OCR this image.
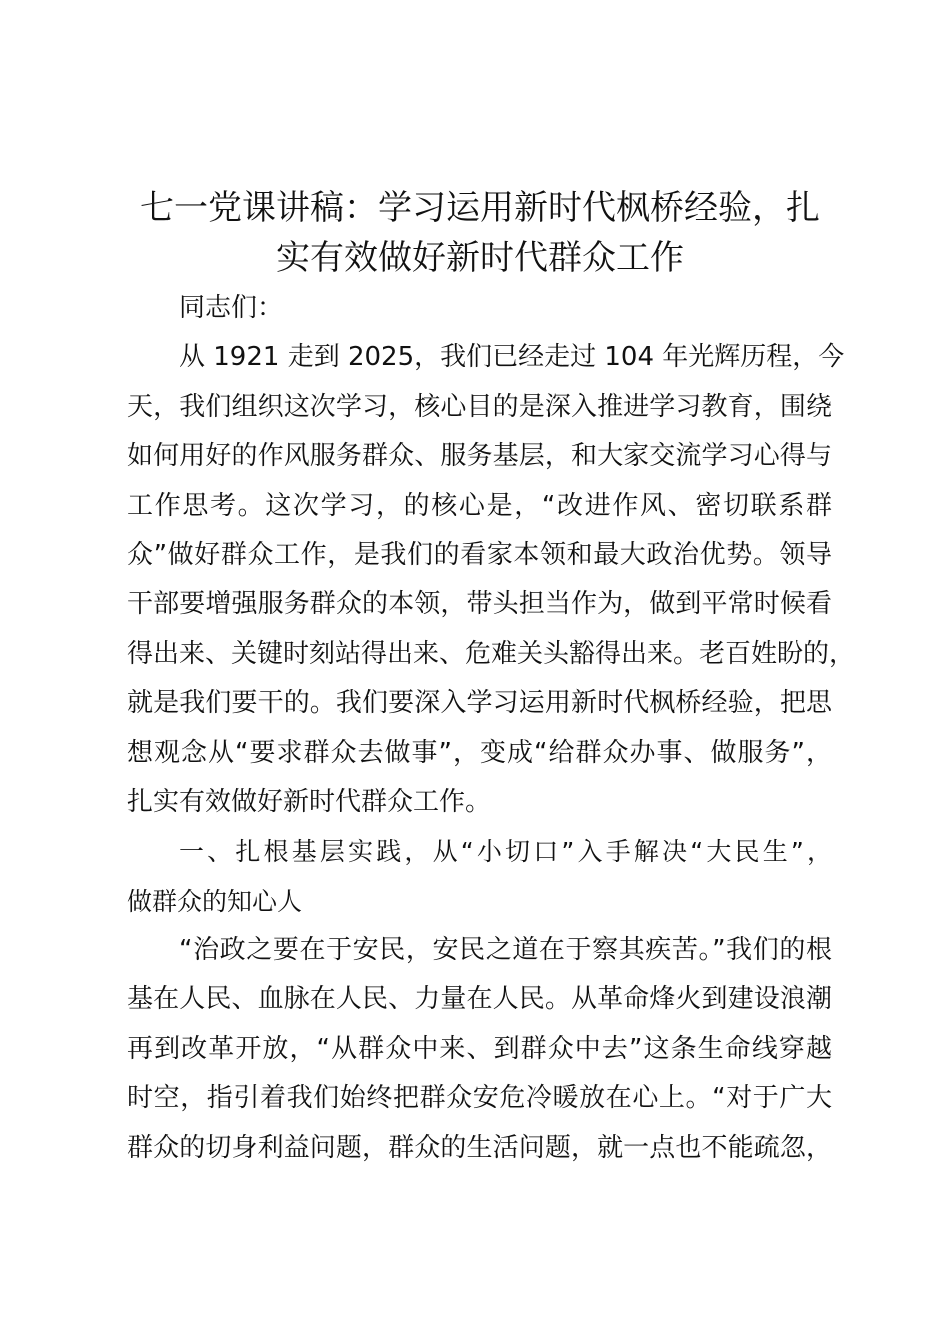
七一党课讲稿：学习运用新时代枫桥经验，扎
实有效做好新时代群众工作
同志们：
从 1921 走到 2025，我们已经走过 104 年光辉历程，今
天，我们组织这次学习，核心目的是深入推进学习教育，围绕
如何用好的作风服务群众、服务基层，和大家交流学习心得与
工作思考。这次学习，的核心是，“改进作风、密切联系群
众”做好群众工作，是我们的看家本领和最大政治优势。领导
干部要增强服务群众的本领，带头担当作为，做到平常时候看
得出来、关键时刻站得出来、危难关头豁得出来。老百姓盼的，
就是我们要干的。我们要深入学习运用新时代枫桥经验，把思
想观念从“要求群众去做事”，变成“给群众办事、做服务”，
扎实有效做好新时代群众工作。
一、扎根基层实践，从“小切口”入手解决“大民生”，
做群众的知心人
“治政之要在于安民，安民之道在于察其疾苦。”我们的根
基在人民、血脉在人民、力量在人民。从革命烽火到建设浪潮
再到改革开放，“从群众中来、到群众中去”这条生命线穿越
时空，指引着我们始终把群众安危冷暖放在心上。“对于广大
群众的切身利益问题，群众的生活问题，就一点也不能疏忽，
